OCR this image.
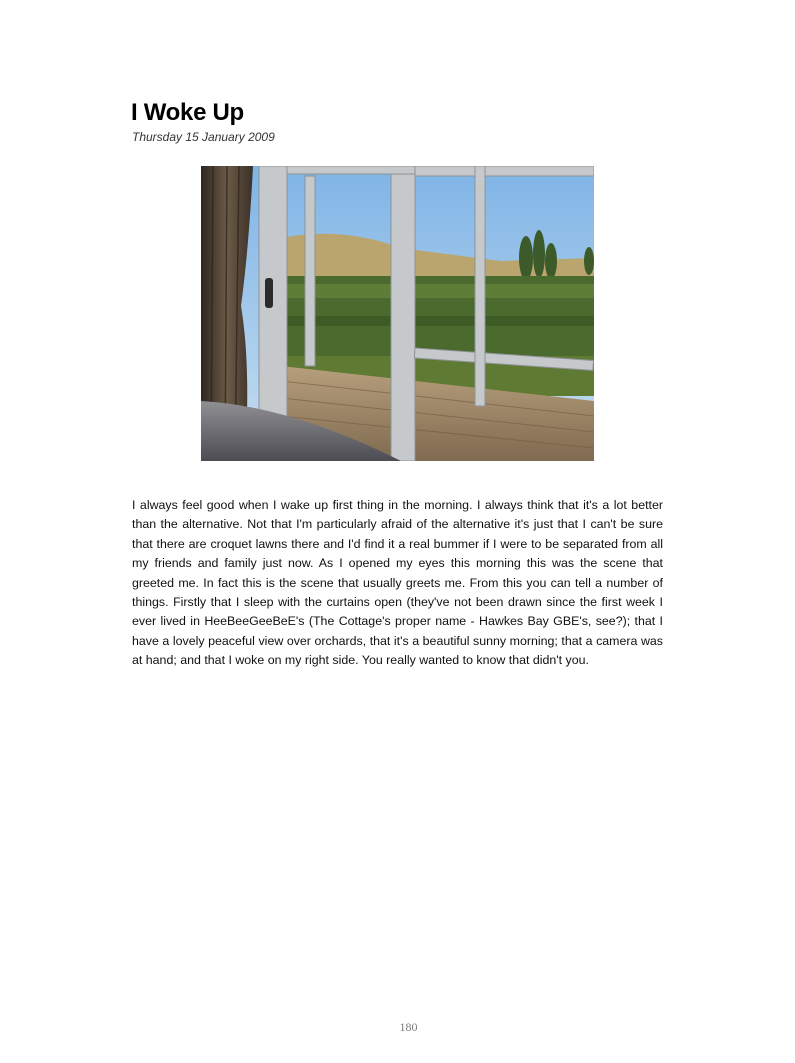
I Woke Up
Thursday 15 January 2009

I always feel good when I wake up first thing in the morning. I always think that it's a lot better than the alternative. Not that I'm particularly afraid of the alternative it's just that I can't be sure that there are croquet lawns there and I'd find it a real bummer if I were to be separated from all my friends and family just now. As I opened my eyes this morning this was the scene that greeted me. In fact this is the scene that usually greets me. From this you can tell a number of things. Firstly that I sleep with the curtains open (they've not been drawn since the first week I ever lived in HeeBeeGeeBeE's (The Cottage's proper name - Hawkes Bay GBE's, see?); that I have a lovely peaceful view over orchards, that it's a beautiful sunny morning; that a camera was at hand; and that I woke on my right side. You really wanted to know that didn't you.

180
